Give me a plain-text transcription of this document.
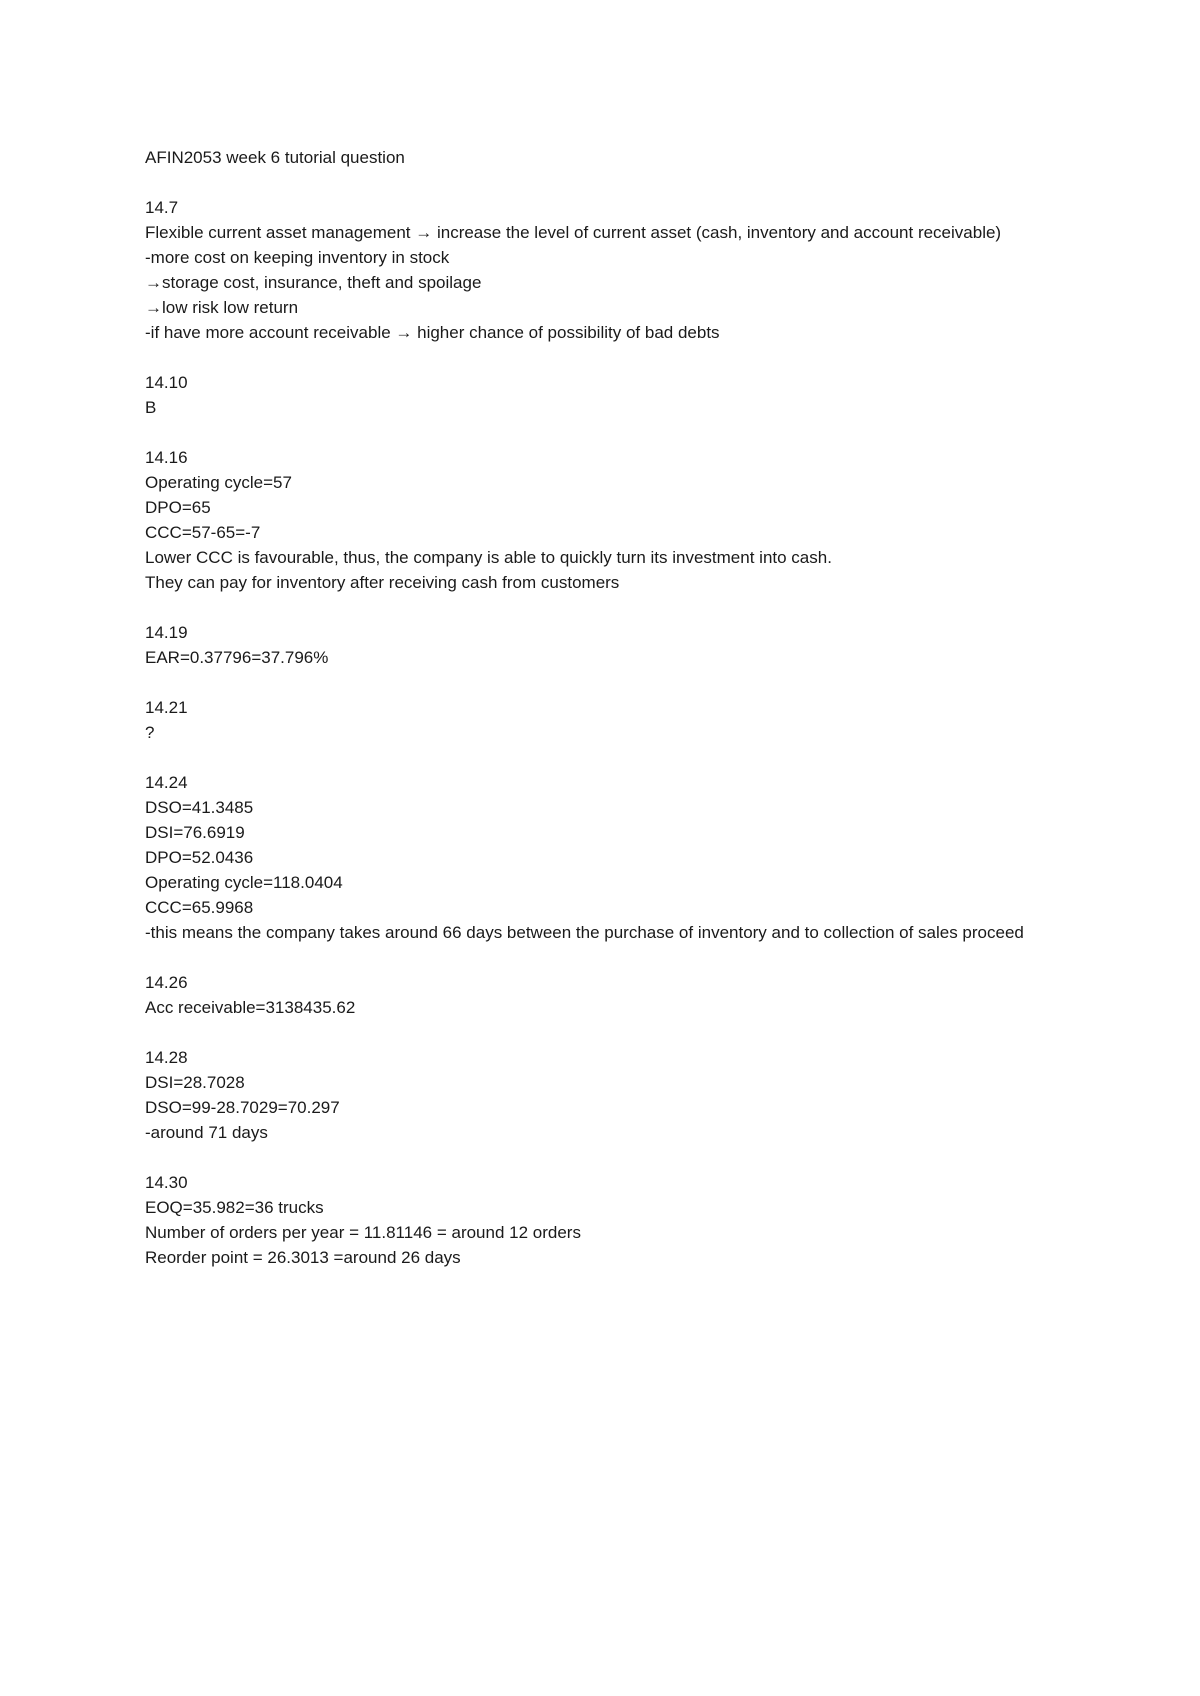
AFIN2053 week 6 tutorial question

14.7
Flexible current asset management → increase the level of current asset (cash, inventory and account receivable)
-more cost on keeping inventory in stock
→storage cost, insurance, theft and spoilage
→low risk low return
-if have more account receivable → higher chance of possibility of bad debts
14.10
B
14.16
Operating cycle=57
DPO=65
CCC=57-65=-7
Lower CCC is favourable, thus, the company is able to quickly turn its investment into cash.
They can pay for inventory after receiving cash from customers
14.19
EAR=0.37796=37.796%
14.21
?
14.24
DSO=41.3485
DSI=76.6919
DPO=52.0436
Operating cycle=118.0404
CCC=65.9968
-this means the company takes around 66 days between the purchase of inventory and to collection of sales proceed
14.26
Acc receivable=3138435.62
14.28
DSI=28.7028
DSO=99-28.7029=70.297
-around 71 days
14.30
EOQ=35.982=36 trucks
Number of orders per year = 11.81146 = around 12 orders
Reorder point = 26.3013 =around 26 days
